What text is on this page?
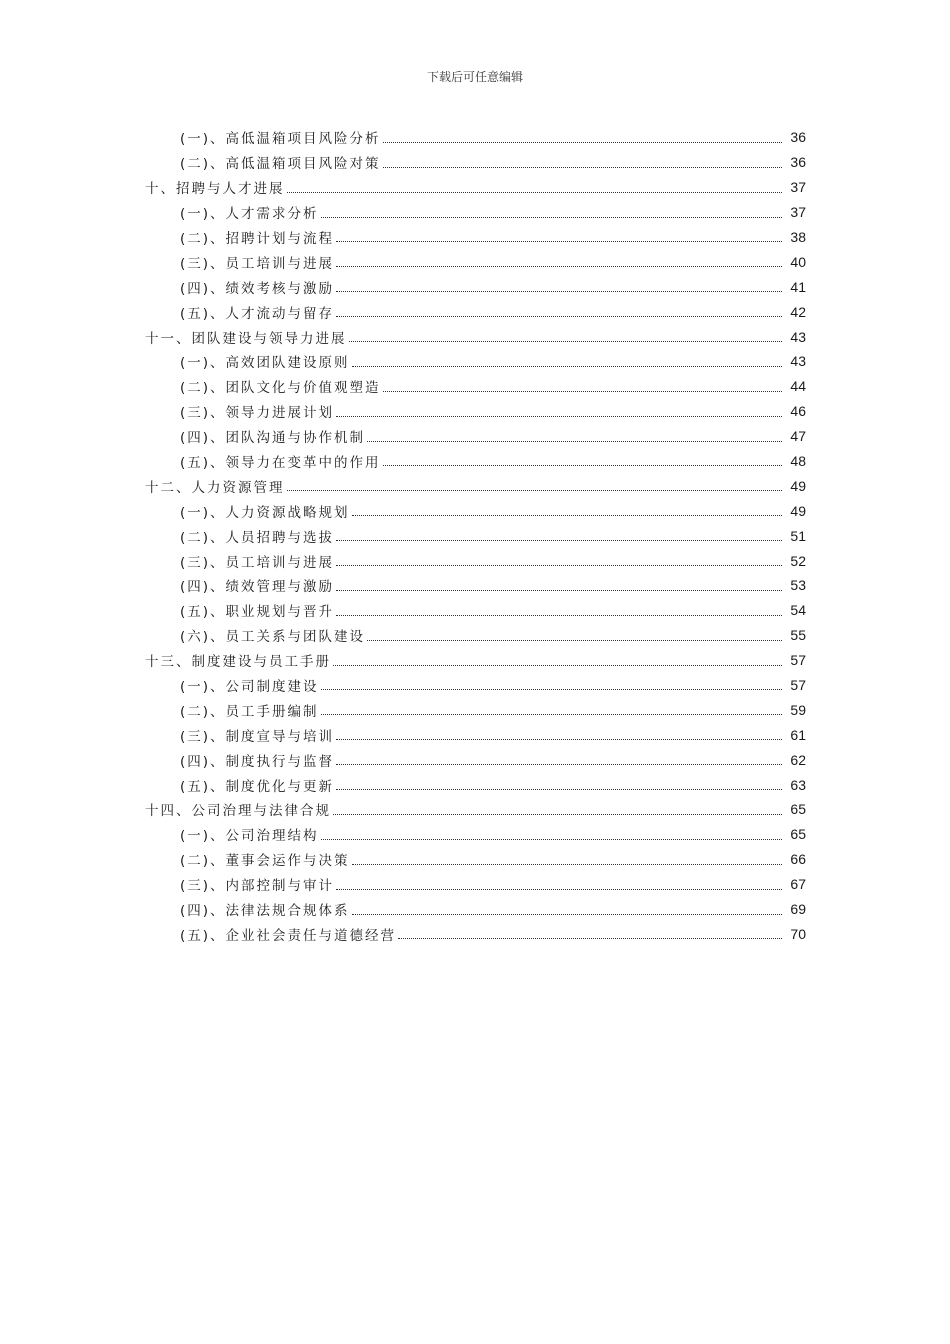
下载后可任意编辑
(一)、高低温箱项目风险分析	36
(二)、高低温箱项目风险对策	36
十、招聘与人才进展	37
(一)、人才需求分析	37
(二)、招聘计划与流程	38
(三)、员工培训与进展	40
(四)、绩效考核与激励	41
(五)、人才流动与留存	42
十一、团队建设与领导力进展	43
(一)、高效团队建设原则	43
(二)、团队文化与价值观塑造	44
(三)、领导力进展计划	46
(四)、团队沟通与协作机制	47
(五)、领导力在变革中的作用	48
十二、人力资源管理	49
(一)、人力资源战略规划	49
(二)、人员招聘与选拔	51
(三)、员工培训与进展	52
(四)、绩效管理与激励	53
(五)、职业规划与晋升	54
(六)、员工关系与团队建设	55
十三、制度建设与员工手册	57
(一)、公司制度建设	57
(二)、员工手册编制	59
(三)、制度宣导与培训	61
(四)、制度执行与监督	62
(五)、制度优化与更新	63
十四、公司治理与法律合规	65
(一)、公司治理结构	65
(二)、董事会运作与决策	66
(三)、内部控制与审计	67
(四)、法律法规合规体系	69
(五)、企业社会责任与道德经营	70
